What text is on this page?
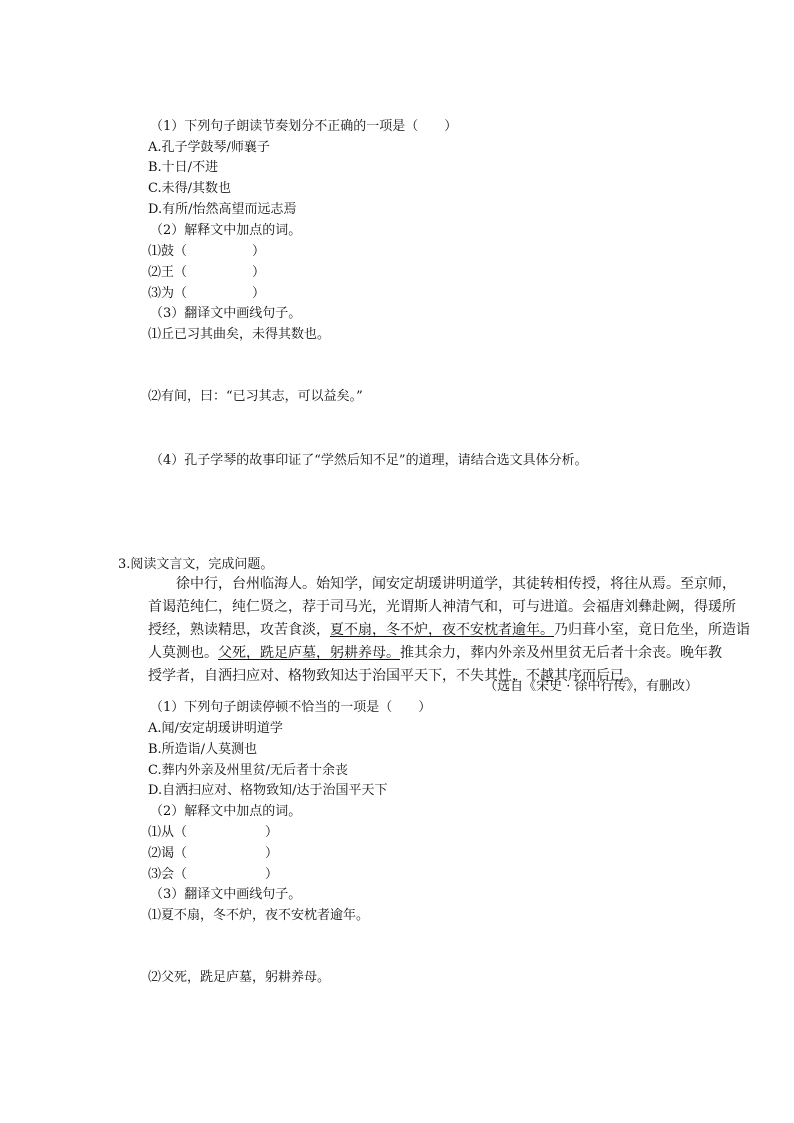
（1）下列句子朗读节奏划分不正确的一项是（　　）
A.孔子学鼓琴/师襄子
B.十日/不进
C.未得/其数也
D.有所/怡然高望而远志焉
（2）解释文中加点的词。
⑴鼓（　　　　　）
⑵王（　　　　　）
⑶为（　　　　　）
（3）翻译文中画线句子。
⑴丘已习其曲矣，未得其数也。
⑵有间，曰：“已习其志，可以益矣。”
（4）孔子学琴的故事印证了“学然后知不足”的道理，请结合选文具体分析。
3.阅读文言文，完成问题。
徐中行，台州临海人。始知学，闻安定胡瑗讲明道学，其徒转相传授，将往从焉。至京师，
首谒范纯仁，纯仁贤之，荐于司马光，光谓斯人神清气和，可与进道。会福唐刘彝赴阙，得瑗所
授经，熟读精思，攻苦食淡，夏不扇，冬不炉，夜不安枕者逾年。乃归葺小室，竟日危坐，所造诣
人莫测也。父死，跣足庐墓，躬耕养母。推其余力，葬内外亲及州里贫无后者十余丧。晚年教
授学者，自洒扫应对、格物致知达于治国平天下，不失其性，不越其序而后已。
（选自《宋史 · 徐中行传》，有删改）
（1）下列句子朗读停顿不恰当的一项是（　　）
A.闻/安定胡瑗讲明道学
B.所造诣/人莫测也
C.葬内外亲及州里贫/无后者十余丧
D.自洒扫应对、格物致知/达于治国平天下
（2）解释文中加点的词。
⑴从（　　　　　　）
⑵谒（　　　　　　）
⑶会（　　　　　　）
（3）翻译文中画线句子。
⑴夏不扇，冬不炉，夜不安枕者逾年。
⑵父死，跣足庐墓，躬耕养母。
